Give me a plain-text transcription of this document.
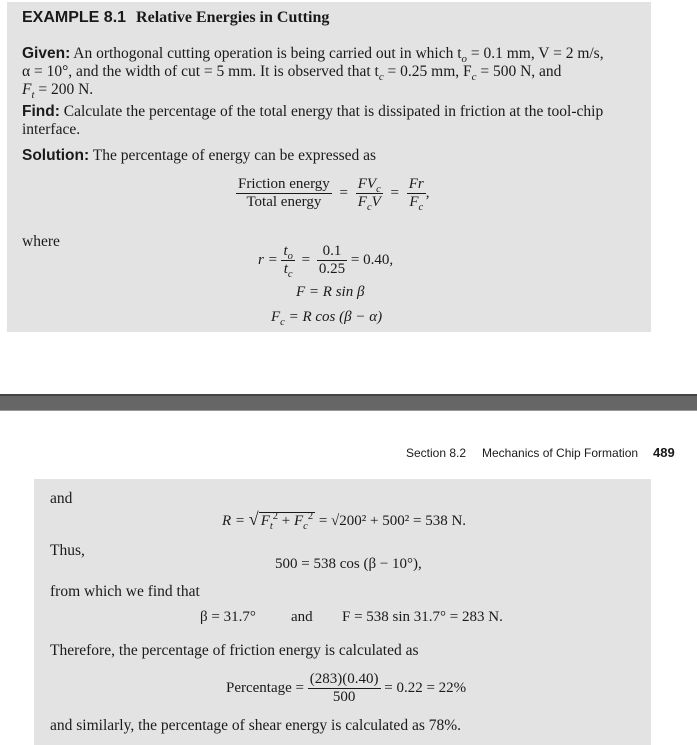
EXAMPLE 8.1 Relative Energies in Cutting
Given: An orthogonal cutting operation is being carried out in which $t_o = 0.1$ mm, V = 2 m/s,
α = 10°, and the width of cut = 5 mm. It is observed that $t_c = 0.25$ mm, $F_c = 500$ N, and
$F_t = 200$ N.
Find: Calculate the percentage of the total energy that is dissipated in friction at the tool-chip
interface.
Solution: The percentage of energy can be expressed as
$\frac{\text{Friction energy}}{\text{Total energy}} = \frac{FV_c}{F_cV} = \frac{Fr}{F_c}$ ,
where
$r = \frac{t_o}{t_c} = \frac{0.1}{0.25} = 0.40$,
F = R sin β
$F_c = R$ cos (β − α)
Section 8.2 Mechanics of Chip Formation 489
and
R = √ $F_t^2 + F_c^2 = √200^2 + 500^2 = 538$ N.
Thus,
500 = 538 cos (β − 10°),
from which we find that
β = 31.7° and F = 538 sin 31.7° = 283 N.
Therefore, the percentage of friction energy is calculated as
Percentage = $\frac{(283)(0.40)}{500} = 0.22 = 22\%$
and similarly, the percentage of shear energy is calculated as 78%.
